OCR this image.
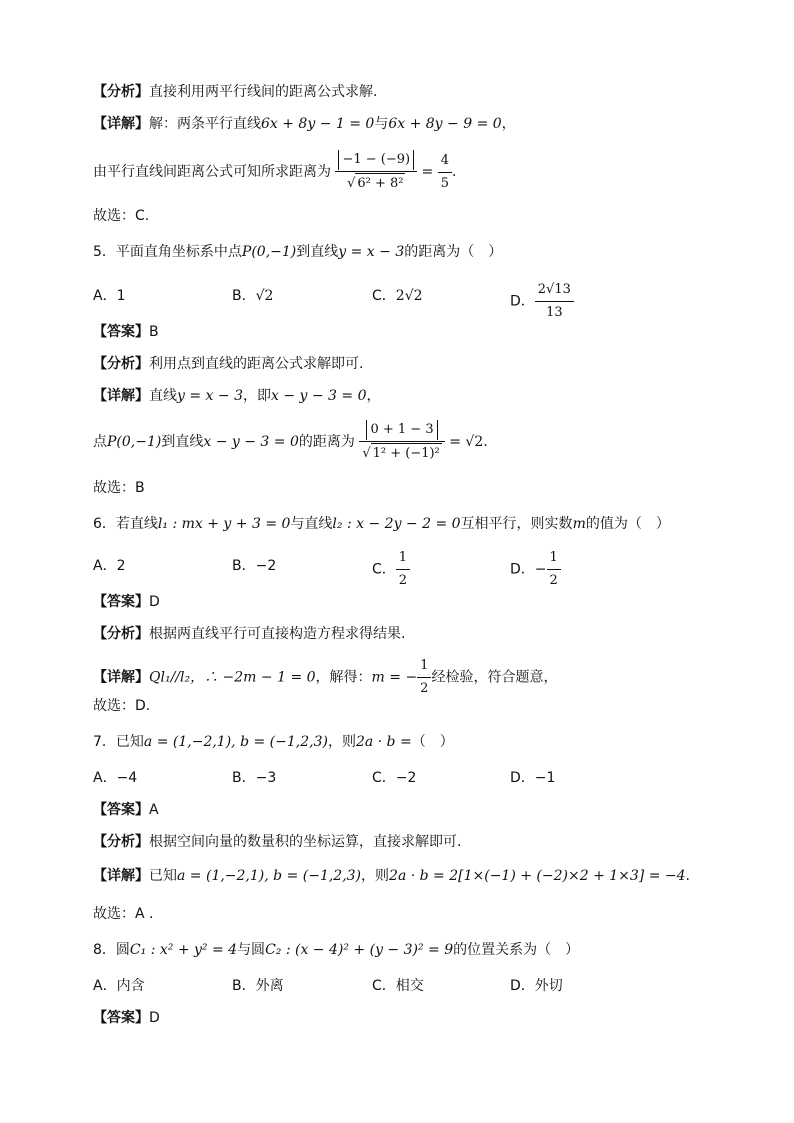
【分析】直接利用两平行线间的距离公式求解.
【详解】解：两条平行直线6x + 8y − 1 = 0与6x + 8y − 9 = 0，
由平行直线间距离公式可知所求距离为 $\frac{-1 - (-9)}{\text{√ 6² + 8²}} = \frac{4}{5}$ .
故选：C.
5．平面直角坐标系中点P(0,−1)到直线y = x − 3的距离为（　）
A．1	B．√2	C．2√2	D． $\frac{2√13}{13}$
【答案】B
【分析】利用点到直线的距离公式求解即可.
【详解】直线y = x − 3，即x − y − 3 = 0，
点P(0,−1)到直线x − y − 3 = 0的距离为 $\frac{0 + 1 - 3}{\text{√ 1² + (−1)²}} = √2$.
故选：B
6．若直线l₁ : mx + y + 3 = 0与直线l₂ : x − 2y − 2 = 0互相平行，则实数m的值为（　）
A．2	B．−2	C． $\frac{1}{2}$	D．− $\frac{1}{2}$
【答案】D
【分析】根据两直线平行可直接构造方程求得结果.
【详解】Ql₁//l₂，∴ −2m − 1 = 0，解得：m = − $\frac{1}{2}$ 经检验，符合题意，
故选：D.
7．已知a = (1,−2,1), b = (−1,2,3)，则2a · b =（　）
A．−4	B．−3	C．−2	D．−1
【答案】A
【分析】根据空间向量的数量积的坐标运算，直接求解即可.
【详解】已知a = (1,−2,1), b = (−1,2,3)，则2a · b = 2[1×(−1) + (−2)×2 + 1×3] = −4.
故选：A .
8．圆C₁ : x² + y² = 4与圆C₂ : (x − 4)² + (y − 3)² = 9的位置关系为（　）
A．内含	B．外离	C．相交	D．外切
【答案】D
